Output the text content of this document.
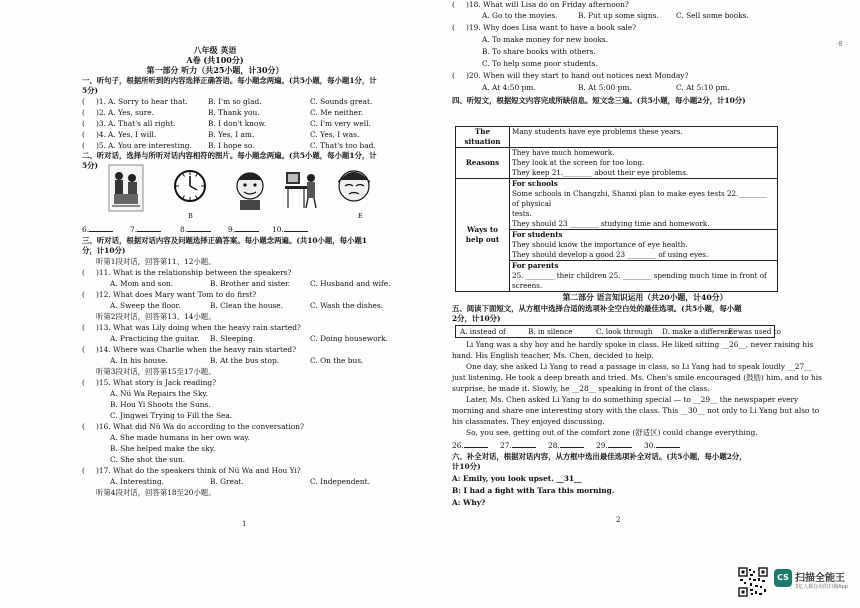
八年级 英语
A卷 (共100分)
第一部分 听力（共25小题，计30分）
一、听句子，根据所听到的内容选择正确答语。每小题念两遍。(共5小题，每小题1分，计
5分)
( )1. A. Sorry to hear that.	B. I'm so glad.	C. Sounds great.
( )2. A. Yes, sure.	B. Thank you.	C. Me neither.
( )3. A. That's all right.	B. I don't know.	C. I'm very well.
( )4. A. Yes, I will.	B. Yes, I am.	C. Yes, I was.
( )5. A. You are interesting. B. I hope so.	C. That's too bad.
二、听对话，选择与所听对话内容相符的图片。每小题念两遍。(共5小题，每小题1分，计
5分)
B	E
6.	7.	8.	9.	10.
三、听对话，根据对话内容及问题选择正确答案。每小题念两遍。(共10小题，每小题1
分，计10分)
听第1段对话，回答第11、12小题。
( )11. What is the relationship between the speakers?
A. Mom and son.	B. Brother and sister.	C. Husband and wife.
( )12. What does Mary want Tom to do first?
A. Sweep the floor.	B. Clean the house.	C. Wash the dishes.
听第2段对话，回答第13、14小题。
( )13. What was Lily doing when the heavy rain started?
A. Practicing the guitar. B. Sleeping.	C. Doing housework.
( )14. Where was Charlie when the heavy rain started?
A. In his house.	B. At the bus stop.	C. On the bus.
听第3段对话，回答第15至17小题。
( )15. What story is Jack reading?
A. Nü Wa Repairs the Sky.
B. Hou Yi Shoots the Suns.
C. Jingwei Trying to Fill the Sea.
( )16. What did Nü Wa do according to the conversation?
A. She made humans in her own way.
B. She helped make the sky.
C. She shot the sun.
( )17. What do the speakers think of Nü Wa and Hou Yi?
A. Interesting.	B. Great.	C. Independent.
听第4段对话，回答第18至20小题。
1
·8
( )18. What will Lisa do on Friday afternoon?
A. Go to the movies.	B. Put up some signs. C. Sell some books.
( )19. Why does Lisa want to have a book sale?
A. To make money for new books.
B. To share books with others.
C. To help some poor students.
( )20. When will they start to hand out notices next Monday?
A. At 4:50 pm.	B. At 5:00 pm.	C. At 5:10 pm.
四、听短文，根据短文内容完成所缺信息。短文念三遍。(共5小题，每小题2分，计10分)
The situation	Many students have eye problems these years.
Reasons	They have much homework.
They look at the screen for too long.
They keep 21.________ about their eye problems.

Ways to help out	For schools
Some schools in Changzhi, Shanxi plan to make eyes tests 22.________ of physical
tests.
They should 23 ________ studying time and homework.

	For students
They should know the importance of eye health.
They should develop a good 23 ________ of using eyes.

	For parents
25. ________ their children 25. ________ spending much time in front of screens.
第二部分 语言知识运用（共20小题，计40分）
五、阅读下面短文，从方框中选择合适的选项补全空白处的最佳选项。(共5小题，每小题
2分，计10分)
A. instead of	B. in silence	C. look through D. make a difference
E. was used to
Li Yang was a shy boy and he hardly spoke in class. He liked sitting __26__, never raising his
hand. His English teacher, Ms. Chen, decided to help.
One day, she asked Li Yang to read a passage in class, so Li Yang had to speak loudly __27__
just listening. He took a deep breath and tried. Ms. Chen's smile encouraged (鼓励) him, and to his
surprise, he made it. Slowly, he __28__ speaking in front of the class.
Later, Ms. Chen asked Li Yang to do something special — to __29__ the newspaper every
morning and share one interesting story with the class. This __30__ not only to Li Yang but also to
his classmates. They enjoyed discussing.
So, you see, getting out of the comfort zone (舒适区) could change everything.
26.	27.	28.	29.	30.
六、补全对话，根据对话内容，从方框中选出最佳选项补全对话。(共5小题，每小题2分，
计10分)
A: Emily, you look upset. __31__
B: I had a fight with Tara this morning.
A: Why?
2
CS 扫描全能王
3亿人都在用的扫描App
